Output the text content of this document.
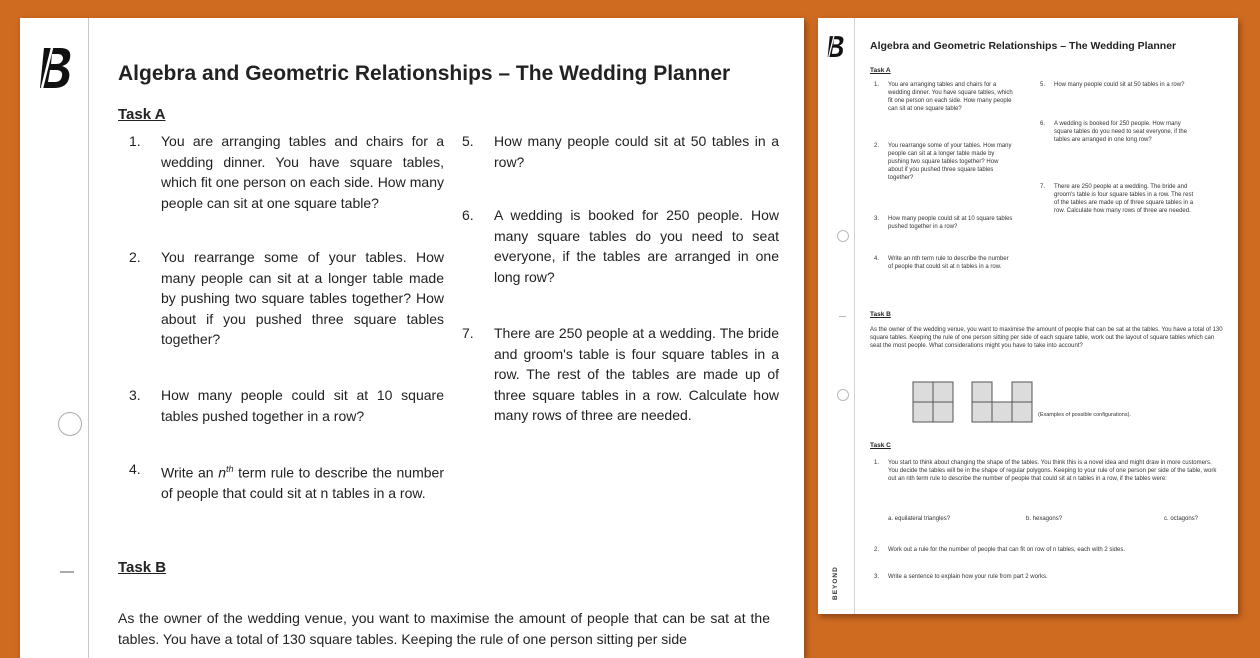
Algebra and Geometric Relationships – The Wedding Planner
Task A
1. You are arranging tables and chairs for a wedding dinner. You have square tables, which fit one person on each side. How many people can sit at one square table?
2. You rearrange some of your tables. How many people can sit at a longer table made by pushing two square tables together? How about if you pushed three square tables together?
3. How many people could sit at 10 square tables pushed together in a row?
4. Write an $n^{th}$ term rule to describe the number of people that could sit at n tables in a row.
5. How many people could sit at 50 tables in a row?
6. A wedding is booked for 250 people. How many square tables do you need to seat everyone, if the tables are arranged in one long row?
7. There are 250 people at a wedding. The bride and groom's table is four square tables in a row. The rest of the tables are made up of three square tables in a row. Calculate how many rows of three are needed.
Task B
As the owner of the wedding venue, you want to maximise the amount of people that can be sat at the tables. You have a total of 130 square tables. Keeping the rule of one person sitting per side
BEYOND
Algebra and Geometric Relationships – The Wedding Planner
Task A
1. You are arranging tables and chairs for a wedding dinner. You have square tables, which fit one person on each side. How many people can sit at one square table?
2. You rearrange some of your tables. How many people can sit at a longer table made by pushing two square tables together? How about if you pushed three square tables together?
3. How many people could sit at 10 square tables pushed together in a row?
4. Write an nth term rule to describe the number of people that could sit at n tables in a row.
5. How many people could sit at 50 tables in a row?
6. A wedding is booked for 250 people. How many square tables do you need to seat everyone, if the tables are arranged in one long row?
7. There are 250 people at a wedding. The bride and groom's table is four square tables in a row. The rest of the tables are made up of three square tables in a row. Calculate how many rows of three are needed.
Task B
As the owner of the wedding venue, you want to maximise the amount of people that can be sat at the tables. You have a total of 130 square tables. Keeping the rule of one person sitting per side of each square table, work out the layout of square tables which can seat the most people. What considerations might you have to take into account?
(Examples of possible configurations).
Task C
1. You start to think about changing the shape of the tables. You think this is a novel idea and might draw in more customers. You decide the tables will be in the shape of regular polygons. Keeping to your rule of one person per side of the table, work out an nth term rule to describe the number of people that could sit at n tables in a row, if the tables were:
a. equilateral triangles?	b. hexagons?	c. octagons?
2. Work out a rule for the number of people that can fit on row of n tables, each with 2 sides.
3. Write a sentence to explain how your rule from part 2 works.
